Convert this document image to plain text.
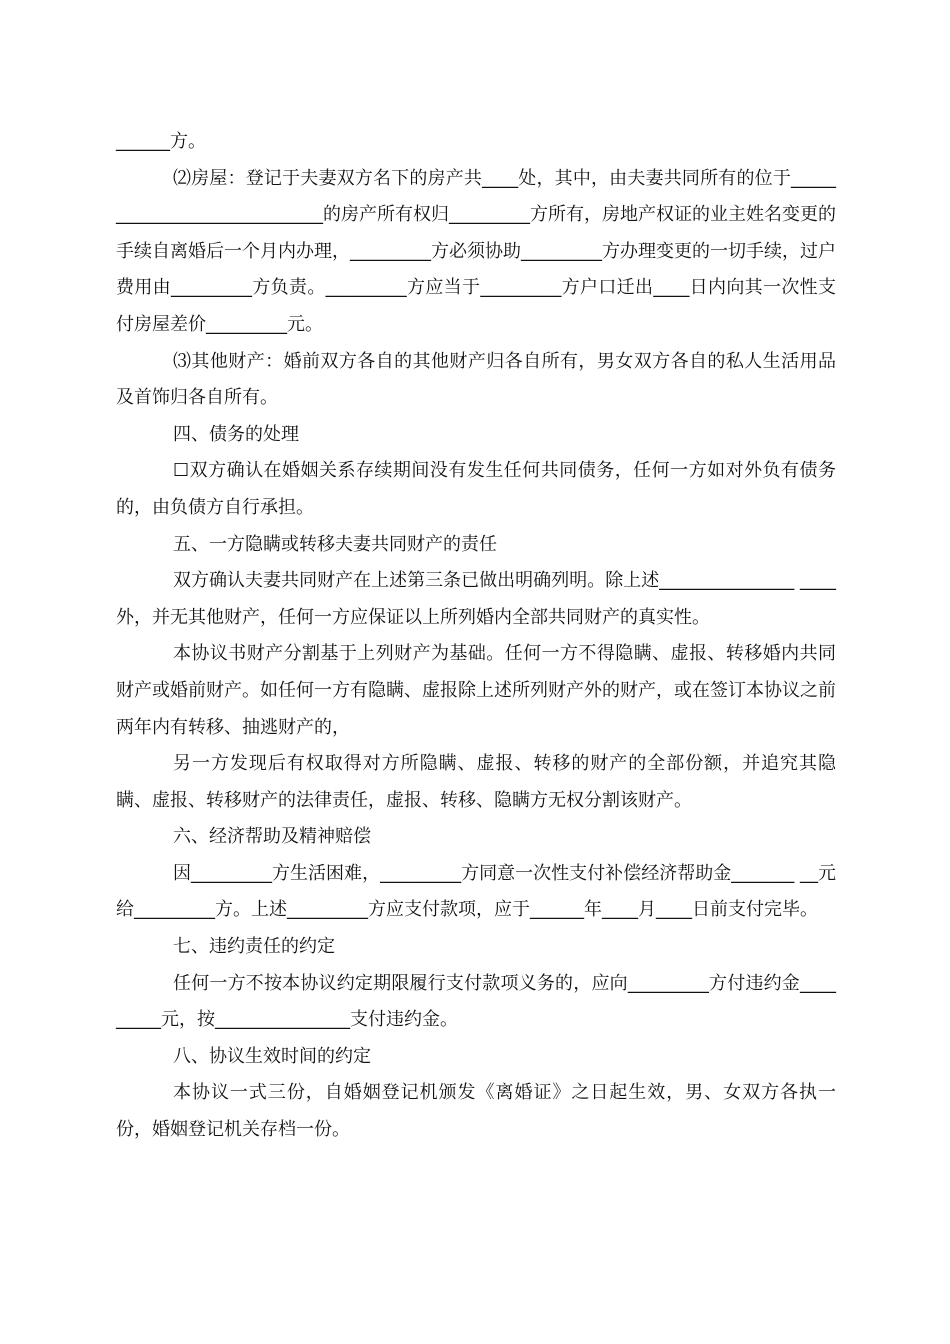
______方。

⑵房屋：登记于夫妻双方名下的房产共____处，其中，由夫妻共同所有的位于____________________________的房产所有权归_________方所有，房地产权证的业主姓名变更的手续自离婚后一个月内办理，_________方必须协助_________方办理变更的一切手续，过户费用由_________方负责。_________方应当于_________方户口迁出____日内向其一次性支付房屋差价_________元。

⑶其他财产：婚前双方各自的其他财产归各自所有，男女双方各自的私人生活用品及首饰归各自所有。

四、债务的处理

☐双方确认在婚姻关系存续期间没有发生任何共同债务，任何一方如对外负有债务的，由负债方自行承担。

五、一方隐瞒或转移夫妻共同财产的责任

双方确认夫妻共同财产在上述第三条已做出明确列明。除上述_______________ ____外，并无其他财产，任何一方应保证以上所列婚内全部共同财产的真实性。

本协议书财产分割基于上列财产为基础。任何一方不得隐瞒、虚报、转移婚内共同财产或婚前财产。如任何一方有隐瞒、虚报除上述所列财产外的财产，或在签订本协议之前两年内有转移、抽逃财产的，

另一方发现后有权取得对方所隐瞒、虚报、转移的财产的全部份额，并追究其隐瞒、虚报、转移财产的法律责任，虚报、转移、隐瞒方无权分割该财产。

六、经济帮助及精神赔偿

因_________方生活困难，_________方同意一次性支付补偿经济帮助金_______ __元给_________方。上述_________方应支付款项，应于______年____月____日前支付完毕。

七、违约责任的约定

任何一方不按本协议约定期限履行支付款项义务的，应向_________方付违约金_________元，按_______________支付违约金。

八、协议生效时间的约定

本协议一式三份，自婚姻登记机颁发《离婚证》之日起生效，男、女双方各执一份，婚姻登记机关存档一份。
